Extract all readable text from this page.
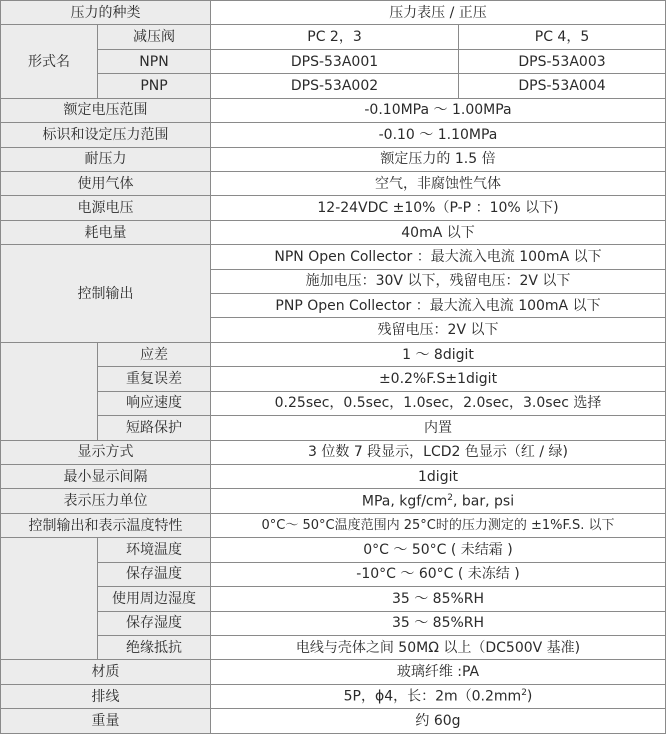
压力的种类		压力表压 / 正压	
形式名	减压阀	PC 2，3	PC 4，5
	NPN	DPS-53A001	DPS-53A003
	PNP	DPS-53A002	DPS-53A004
额定电压范围		-0.10MPa ～ 1.00MPa	
标识和设定压力范围		-0.10 ～ 1.10MPa	
耐压力		额定压力的 1.5 倍	
使用气体		空气，非腐蚀性气体	
电源电压		12-24VDC ±10%（P-P ：10% 以下)	
耗电量		40mA 以下	
控制输出		NPN Open Collector ：最大流入电流 100mA 以下	
		施加电压：30V 以下，残留电压：2V 以下	
		PNP Open Collector ：最大流入电流 100mA 以下	
		残留电压：2V 以下	
	应差	1 ～ 8digit	
	重复误差	±0.2%F.S±1digit	
	响应速度	0.25sec，0.5sec，1.0sec，2.0sec，3.0sec 选择	
	短路保护	内置	
显示方式		3 位数 7 段显示，LCD2 色显示（红 / 绿)	
最小显示间隔		1digit	
表示压力单位		MPa, kgf/$cm^2$, bar, psi	
控制输出和表示温度特性		0°C～ 50°C温度范围内 25°C时的压力测定的 ±1%F.S. 以下	
	环境温度	0°C ～ 50°C ( 未结霜 )	
	保存温度	-10°C ～ 60°C ( 未冻结 )	
	使用周边湿度	35 ～ 85%RH	
	保存湿度	35 ～ 85%RH	
	绝缘抵抗	电线与壳体之间 50MΩ 以上（DC500V 基准)	
材质		玻璃纤维 :PA	
排线		5P，ϕ4，长：$2m(0.2mm^2)$	
重量		约 60g	
